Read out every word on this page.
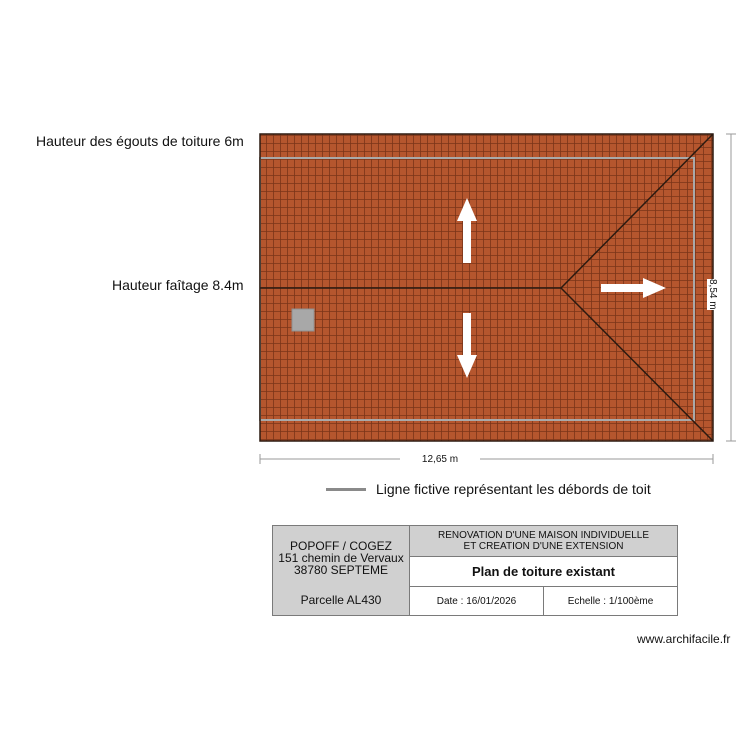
Hauteur des égouts de toiture 6m
Hauteur faîtage 8.4m
12,65 m
8,54 m
Ligne fictive représentant les débords de toit
POPOFF / COGEZ
151 chemin de Vervaux
38780 SEPTEME
Parcelle AL430
RENOVATION D'UNE MAISON INDIVIDUELLE
ET CREATION D'UNE EXTENSION
Plan de toiture existant
Date : 16/01/2026	Echelle : 1/100ème
www.archifacile.fr
